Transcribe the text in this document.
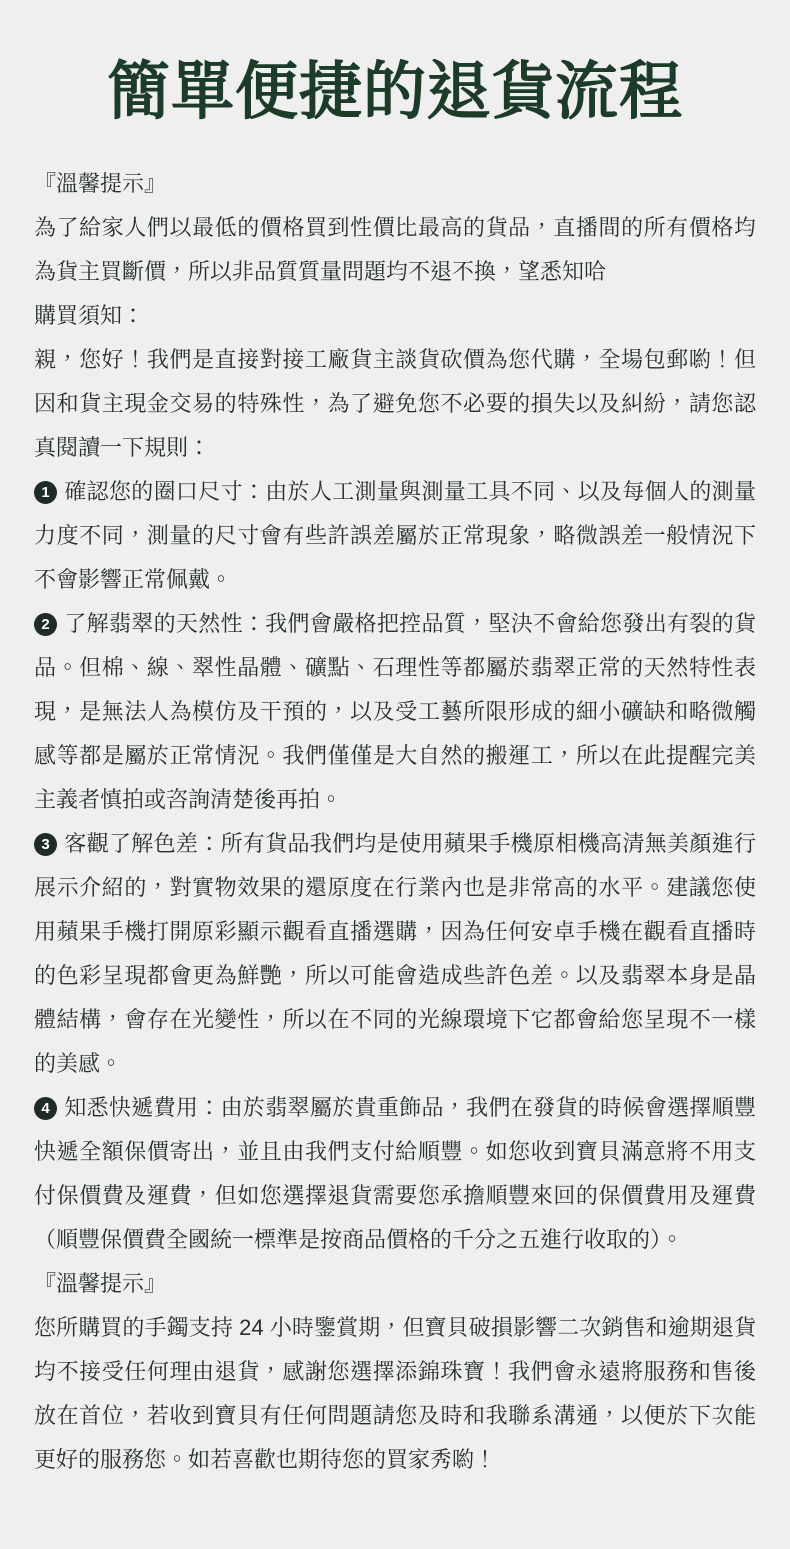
簡單便捷的退貨流程

『溫馨提示』

為了給家人們以最低的價格買到性價比最高的貨品，直播間的所有價格均為貨主買斷價，所以非品質質量問題均不退不換，望悉知哈

購買須知：

親，您好！我們是直接對接工廠貨主談貨砍價為您代購，全場包郵喲！但因和貨主現金交易的特殊性，為了避免您不必要的損失以及糾紛，請您認真閱讀一下規則：

1 確認您的圈口尺寸：由於人工測量與測量工具不同、以及每個人的測量力度不同，測量的尺寸會有些許誤差屬於正常現象，略微誤差一般情況下不會影響正常佩戴。

2 了解翡翠的天然性：我們會嚴格把控品質，堅決不會給您發出有裂的貨品。但棉、線、翠性晶體、礦點、石理性等都屬於翡翠正常的天然特性表現，是無法人為模仿及干預的，以及受工藝所限形成的細小礦缺和略微觸感等都是屬於正常情況。我們僅僅是大自然的搬運工，所以在此提醒完美主義者慎拍或咨詢清楚後再拍。

3 客觀了解色差：所有貨品我們均是使用蘋果手機原相機高清無美顏進行展示介紹的，對實物效果的還原度在行業內也是非常高的水平。建議您使用蘋果手機打開原彩顯示觀看直播選購，因為任何安卓手機在觀看直播時的色彩呈現都會更為鮮艷，所以可能會造成些許色差。以及翡翠本身是晶體結構，會存在光變性，所以在不同的光線環境下它都會給您呈現不一樣的美感。

4 知悉快遞費用：由於翡翠屬於貴重飾品，我們在發貨的時候會選擇順豐快遞全額保價寄出，並且由我們支付給順豐。如您收到寶貝滿意將不用支付保價費及運費，但如您選擇退貨需要您承擔順豐來回的保價費用及運費（順豐保價費全國統一標準是按商品價格的千分之五進行收取的）。

『溫馨提示』

您所購買的手鐲支持 24 小時鑒賞期，但寶貝破損影響二次銷售和逾期退貨均不接受任何理由退貨，感謝您選擇添錦珠寶！我們會永遠將服務和售後放在首位，若收到寶貝有任何問題請您及時和我聯系溝通，以便於下次能更好的服務您。如若喜歡也期待您的買家秀喲！
